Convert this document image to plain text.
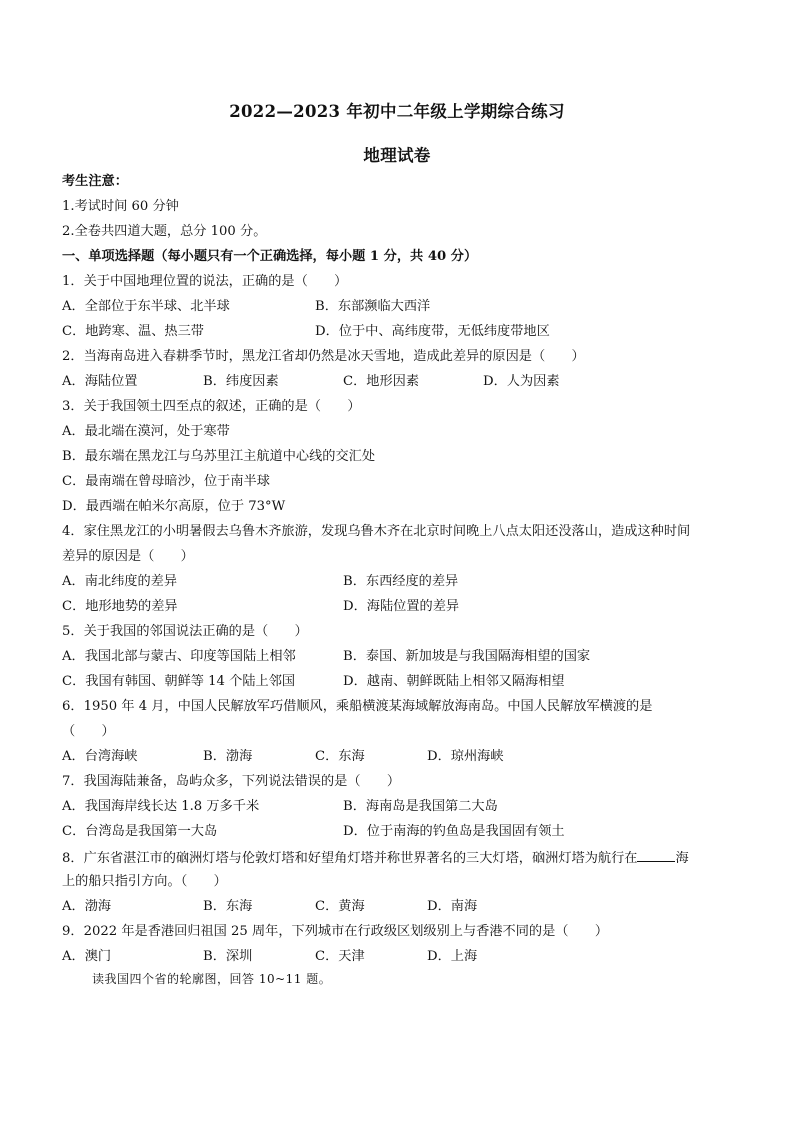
2022—2023 年初中二年级上学期综合练习
地理试卷
考生注意：
1.考试时间 60 分钟
2.全卷共四道大题，总分 100 分。
一、单项选择题（每小题只有一个正确选择，每小题 1 分，共 40 分）
1．关于中国地理位置的说法，正确的是（　　）
A．全部位于东半球、北半球	B．东部濒临大西洋
C．地跨寒、温、热三带	D．位于中、高纬度带，无低纬度带地区
2．当海南岛进入春耕季节时，黑龙江省却仍然是冰天雪地，造成此差异的原因是（　　）
A．海陆位置	B．纬度因素	C．地形因素	D．人为因素
3．关于我国领土四至点的叙述，正确的是（　　）
A．最北端在漠河，处于寒带
B．最东端在黑龙江与乌苏里江主航道中心线的交汇处
C．最南端在曾母暗沙，位于南半球
D．最西端在帕米尔高原，位于 73°W
4．家住黑龙江的小明暑假去乌鲁木齐旅游，发现乌鲁木齐在北京时间晚上八点太阳还没落山，造成这种时间
差异的原因是（　　）
A．南北纬度的差异	B．东西经度的差异
C．地形地势的差异	D．海陆位置的差异
5．关于我国的邻国说法正确的是（　　）
A．我国北部与蒙古、印度等国陆上相邻	B．泰国、新加坡是与我国隔海相望的国家
C．我国有韩国、朝鲜等 14 个陆上邻国	D．越南、朝鲜既陆上相邻又隔海相望
6．1950 年 4 月，中国人民解放军巧借顺风，乘船横渡某海域解放海南岛。中国人民解放军横渡的是
（　　）
A．台湾海峡	B．渤海	C．东海	D．琼州海峡
7．我国海陆兼备，岛屿众多，下列说法错误的是（　　）
A．我国海岸线长达 1.8 万多千米	B．海南岛是我国第二大岛
C．台湾岛是我国第一大岛	D．位于南海的钓鱼岛是我国固有领土
8．广东省湛江市的硇洲灯塔与伦敦灯塔和好望角灯塔并称世界著名的三大灯塔，硇洲灯塔为航行在	海
上的船只指引方向。（　　）
A．渤海	B．东海	C．黄海	D．南海
9．2022 年是香港回归祖国 25 周年，下列城市在行政级区划级别上与香港不同的是（　　）
A．澳门	B．深圳	C．天津	D．上海
读我国四个省的轮廓图，回答 10~11 题。
